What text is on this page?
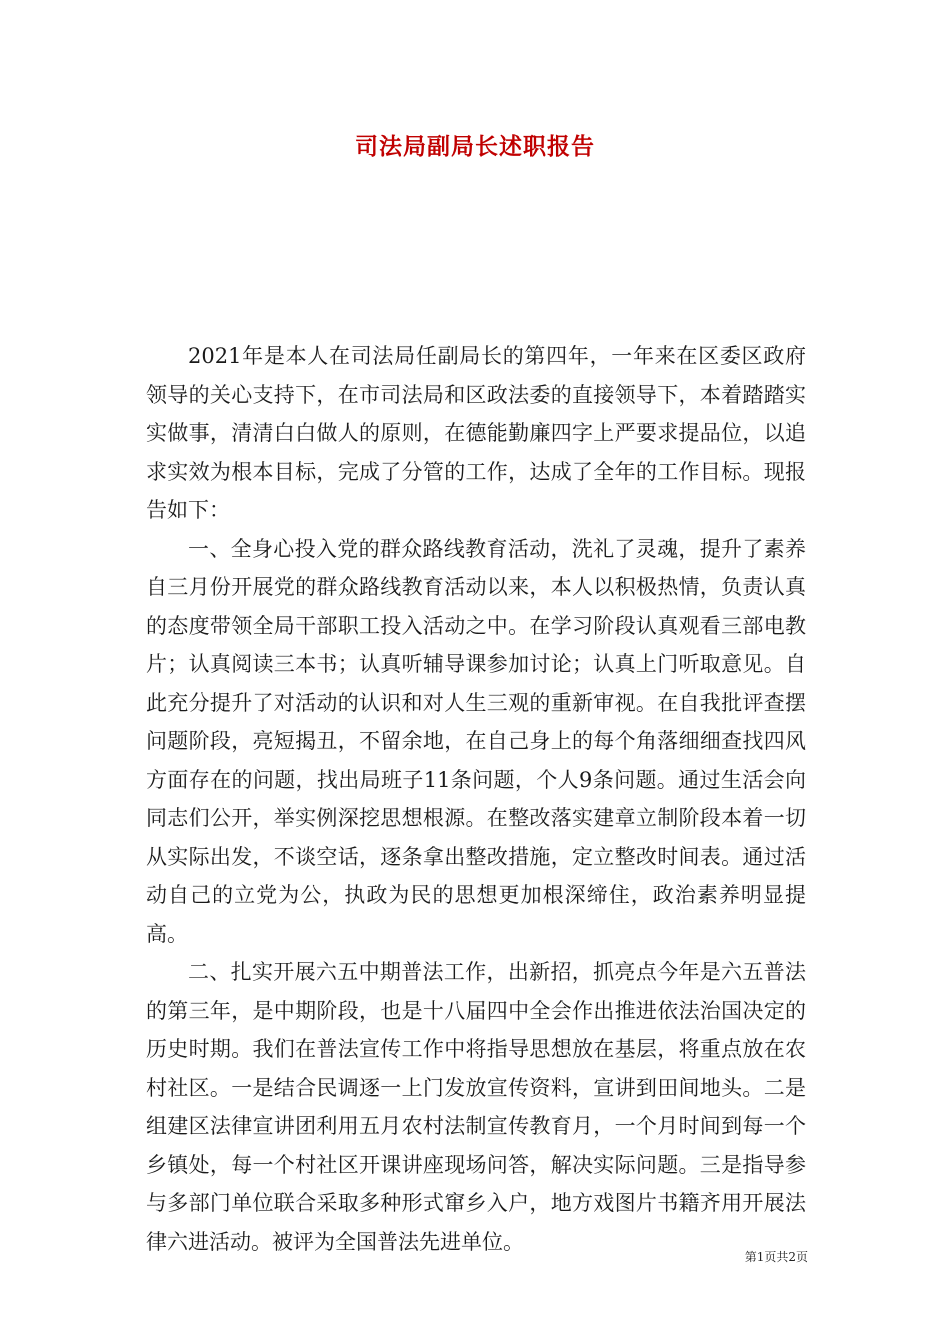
司法局副局长述职报告

2021年是本人在司法局任副局长的第四年，一年来在区委区政府领导的关心支持下，在市司法局和区政法委的直接领导下，本着踏踏实实做事，清清白白做人的原则，在德能勤廉四字上严要求提品位，以追求实效为根本目标，完成了分管的工作，达成了全年的工作目标。现报告如下：

一、全身心投入党的群众路线教育活动，洗礼了灵魂，提升了素养自三月份开展党的群众路线教育活动以来，本人以积极热情，负责认真的态度带领全局干部职工投入活动之中。在学习阶段认真观看三部电教片；认真阅读三本书；认真听辅导课参加讨论；认真上门听取意见。自此充分提升了对活动的认识和对人生三观的重新审视。在自我批评查摆问题阶段，亮短揭丑，不留余地，在自己身上的每个角落细细查找四风方面存在的问题，找出局班子11条问题，个人9条问题。通过生活会向同志们公开，举实例深挖思想根源。在整改落实建章立制阶段本着一切从实际出发，不谈空话，逐条拿出整改措施，定立整改时间表。通过活动自己的立党为公，执政为民的思想更加根深缔住，政治素养明显提高。

二、扎实开展六五中期普法工作，出新招，抓亮点今年是六五普法的第三年，是中期阶段，也是十八届四中全会作出推进依法治国决定的历史时期。我们在普法宣传工作中将指导思想放在基层，将重点放在农村社区。一是结合民调逐一上门发放宣传资料，宣讲到田间地头。二是组建区法律宣讲团利用五月农村法制宣传教育月，一个月时间到每一个乡镇处，每一个村社区开课讲座现场问答，解决实际问题。三是指导参与多部门单位联合采取多种形式窜乡入户，地方戏图片书籍齐用开展法律六进活动。被评为全国普法先进单位。

第1页共2页
